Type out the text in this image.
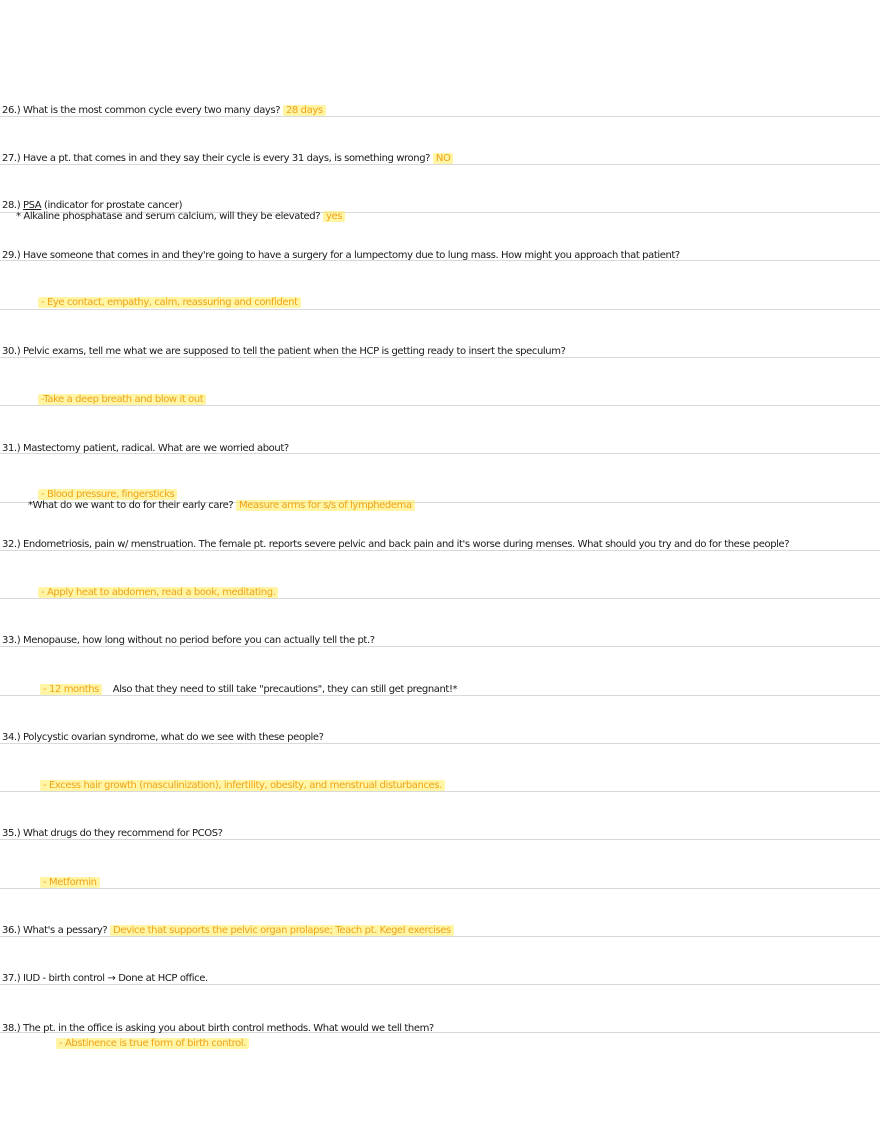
26.) What is the most common cycle every two many days? 28 days
27.) Have a pt. that comes in and they say their cycle is every 31 days, is something wrong? NO
28.) PSA (indicator for prostate cancer)
* Alkaline phosphatase and serum calcium, will they be elevated? yes
29.) Have someone that comes in and they're going to have a surgery for a lumpectomy due to lung mass. How might you approach that patient?
- Eye contact, empathy, calm, reassuring and confident
30.) Pelvic exams, tell me what we are supposed to tell the patient when the HCP is getting ready to insert the speculum?
-Take a deep breath and blow it out
31.) Mastectomy patient, radical. What are we worried about?
- Blood pressure, fingersticks
*What do we want to do for their early care? Measure arms for s/s of lymphedema
32.) Endometriosis, pain w/ menstruation. The female pt. reports severe pelvic and back pain and it's worse during menses. What should you try and do for these people?
- Apply heat to abdomen, read a book, meditating.
33.) Menopause, how long without no period before you can actually tell the pt.?
- 12 months Also that they need to still take "precautions", they can still get pregnant!*
34.) Polycystic ovarian syndrome, what do we see with these people?
- Excess hair growth (masculinization), infertility, obesity, and menstrual disturbances.
35.) What drugs do they recommend for PCOS?
- Metformin
36.) What's a pessary? Device that supports the pelvic organ prolapse; Teach pt. Kegel exercises
37.) IUD - birth control → Done at HCP office.
38.) The pt. in the office is asking you about birth control methods. What would we tell them?
- Abstinence is true form of birth control.
